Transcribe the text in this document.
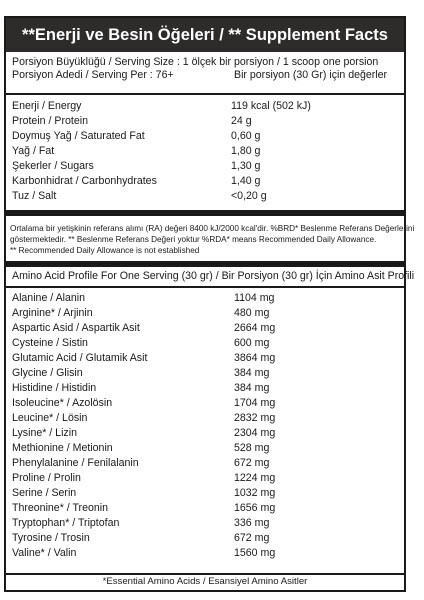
**Enerji ve Besin Öğeleri / ** Supplement Facts
Porsiyon Büyüklüğü / Serving Size : 1 ölçek bir porsiyon / 1 scoop one porsion
Porsiyon Adedi / Serving Per : 76+	Bir porsiyon (30 Gr) için değerler
Enerji / Energy	119 kcal (502 kJ)
Protein / Protein	24 g
Doymuş Yağ / Saturated Fat	0,60 g
Yağ / Fat	1,80 g
Şekerler / Sugars	1,30 g
Karbonhidrat / Carbonhydrates	1,40 g
Tuz / Salt	<0,20 g
Ortalama bir yetişkinin referans alımı (RA) değeri 8400 kJ/2000 kcal'dir. %BRD* Beslenme Referans Değerlerini
göstermektedir. ** Beslenme Referans Değeri yoktur %RDA* means Recommended Daily Allowance.
** Recommended Daily Allowance is not established
Amino Acid Profile For One Serving (30 gr) / Bir Porsiyon (30 gr) İçin Amino Asit Profili
Alanine / Alanin	1104 mg
Arginine* / Arjinin	480 mg
Aspartic Asid / Aspartik Asit	2664 mg
Cysteine / Sistin	600 mg
Glutamic Acid / Glutamik Asit	3864 mg
Glycine / Glisin	384 mg
Histidine / Histidin	384 mg
Isoleucine* / Azolösin	1704 mg
Leucine* / Lösin	2832 mg
Lysine* / Lizin	2304 mg
Methionine / Metionin	528 mg
Phenylalanine / Fenilalanin	672 mg
Proline / Prolin	1224 mg
Serine / Serin	1032 mg
Threonine* / Treonin	1656 mg
Tryptophan* / Triptofan	336 mg
Tyrosine / Trosin	672 mg
Valine* / Valin	1560 mg
*Essential Amino Acids / Esansiyel Amino Asitler
